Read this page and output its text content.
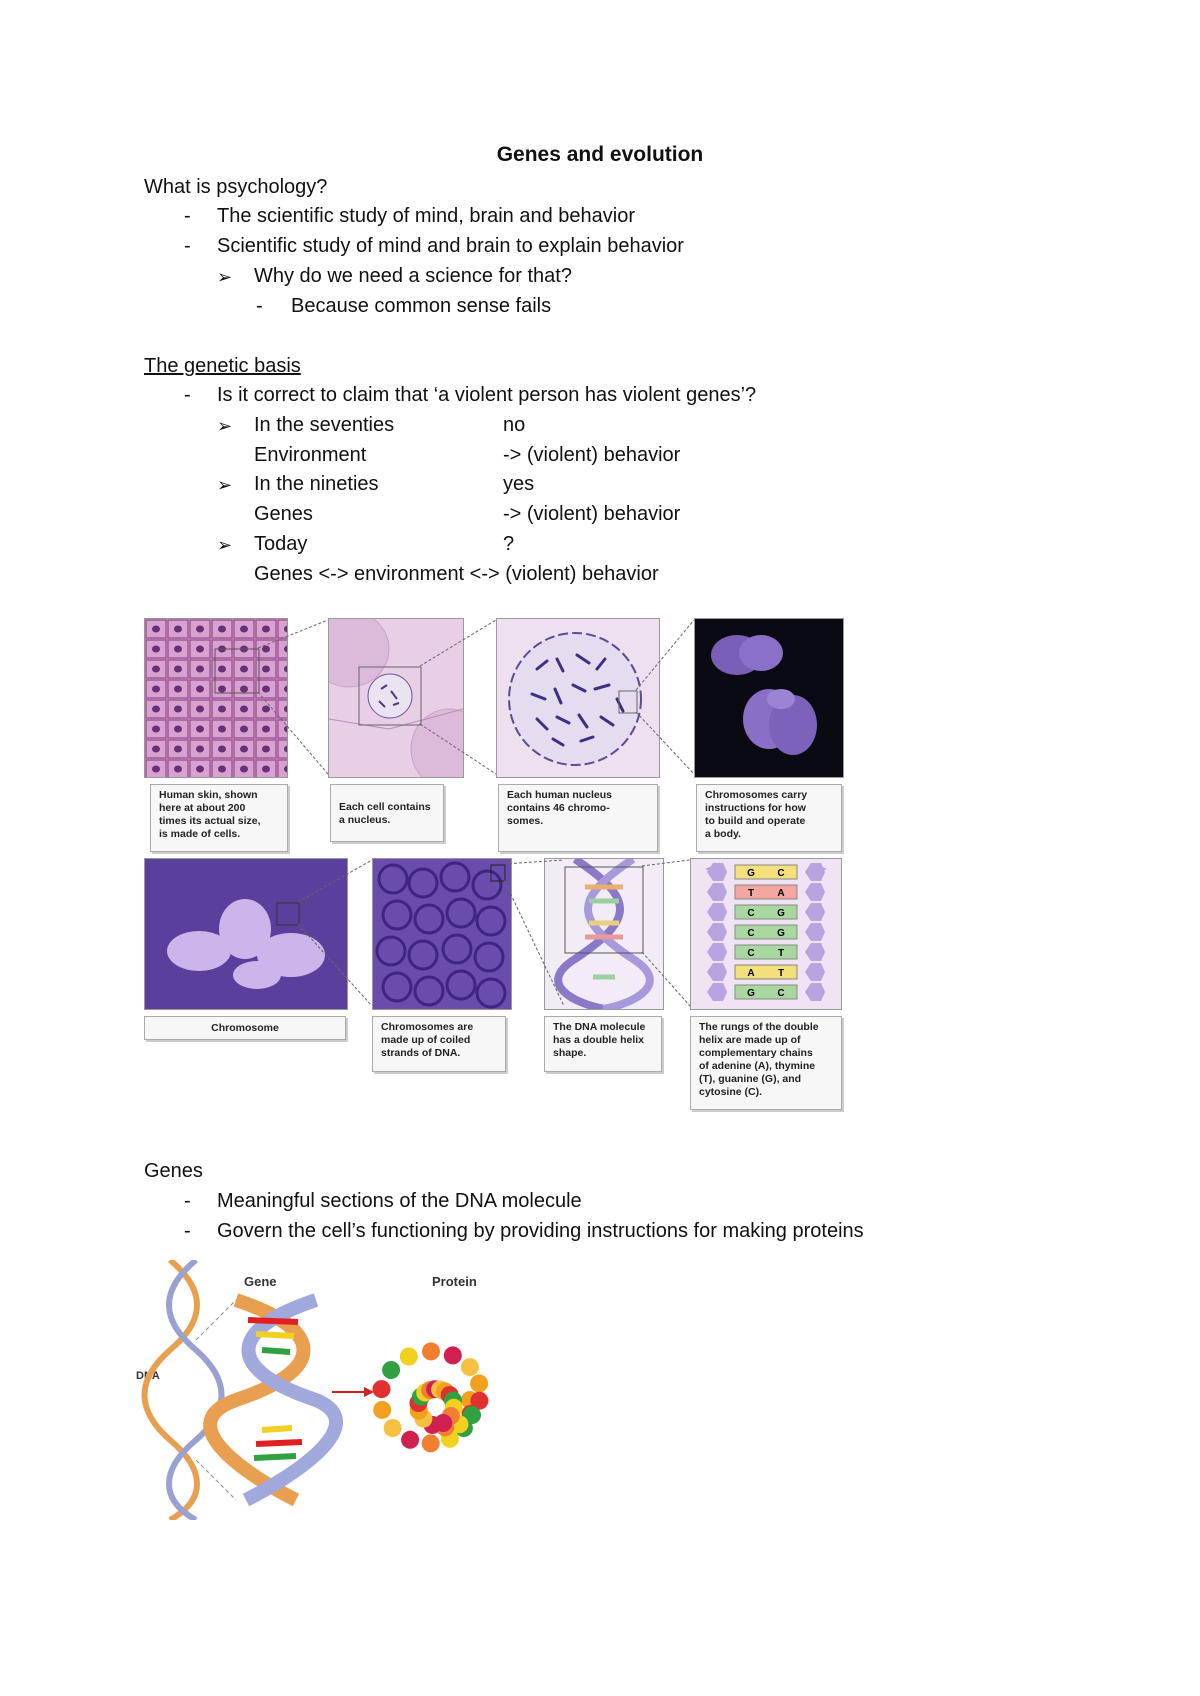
Genes and evolution
What is psychology?
- The scientific study of mind, brain and behavior
- Scientific study of mind and brain to explain behavior
➢ Why do we need a science for that?
- Because common sense fails
The genetic basis
- Is it correct to claim that ‘a violent person has violent genes’?
➢ In the seventies	no
Environment	-> (violent) behavior
➢ In the nineties	yes
Genes	-> (violent) behavior
➢ Today	?
Genes <-> environment <-> (violent) behavior
Human skin, shown
here at about 200
times its actual size,
is made of cells.
Each cell contains
a nucleus.
Each human nucleus
contains 46 chromo-
somes.
Chromosomes carry
instructions for how
to build and operate
a body.
G C
T A
C G
C G
C T
A T
G C
Chromosome	Chromosomes are
made up of coiled
strands of DNA.
The DNA molecule
has a double helix
shape.
The rungs of the double
helix are made up of
complementary chains
of adenine (A), thymine
(T), guanine (G), and
cytosine (C).
Genes
- Meaningful sections of the DNA molecule
- Govern the cell’s functioning by providing instructions for making proteins
Gene	Protein
DNA
